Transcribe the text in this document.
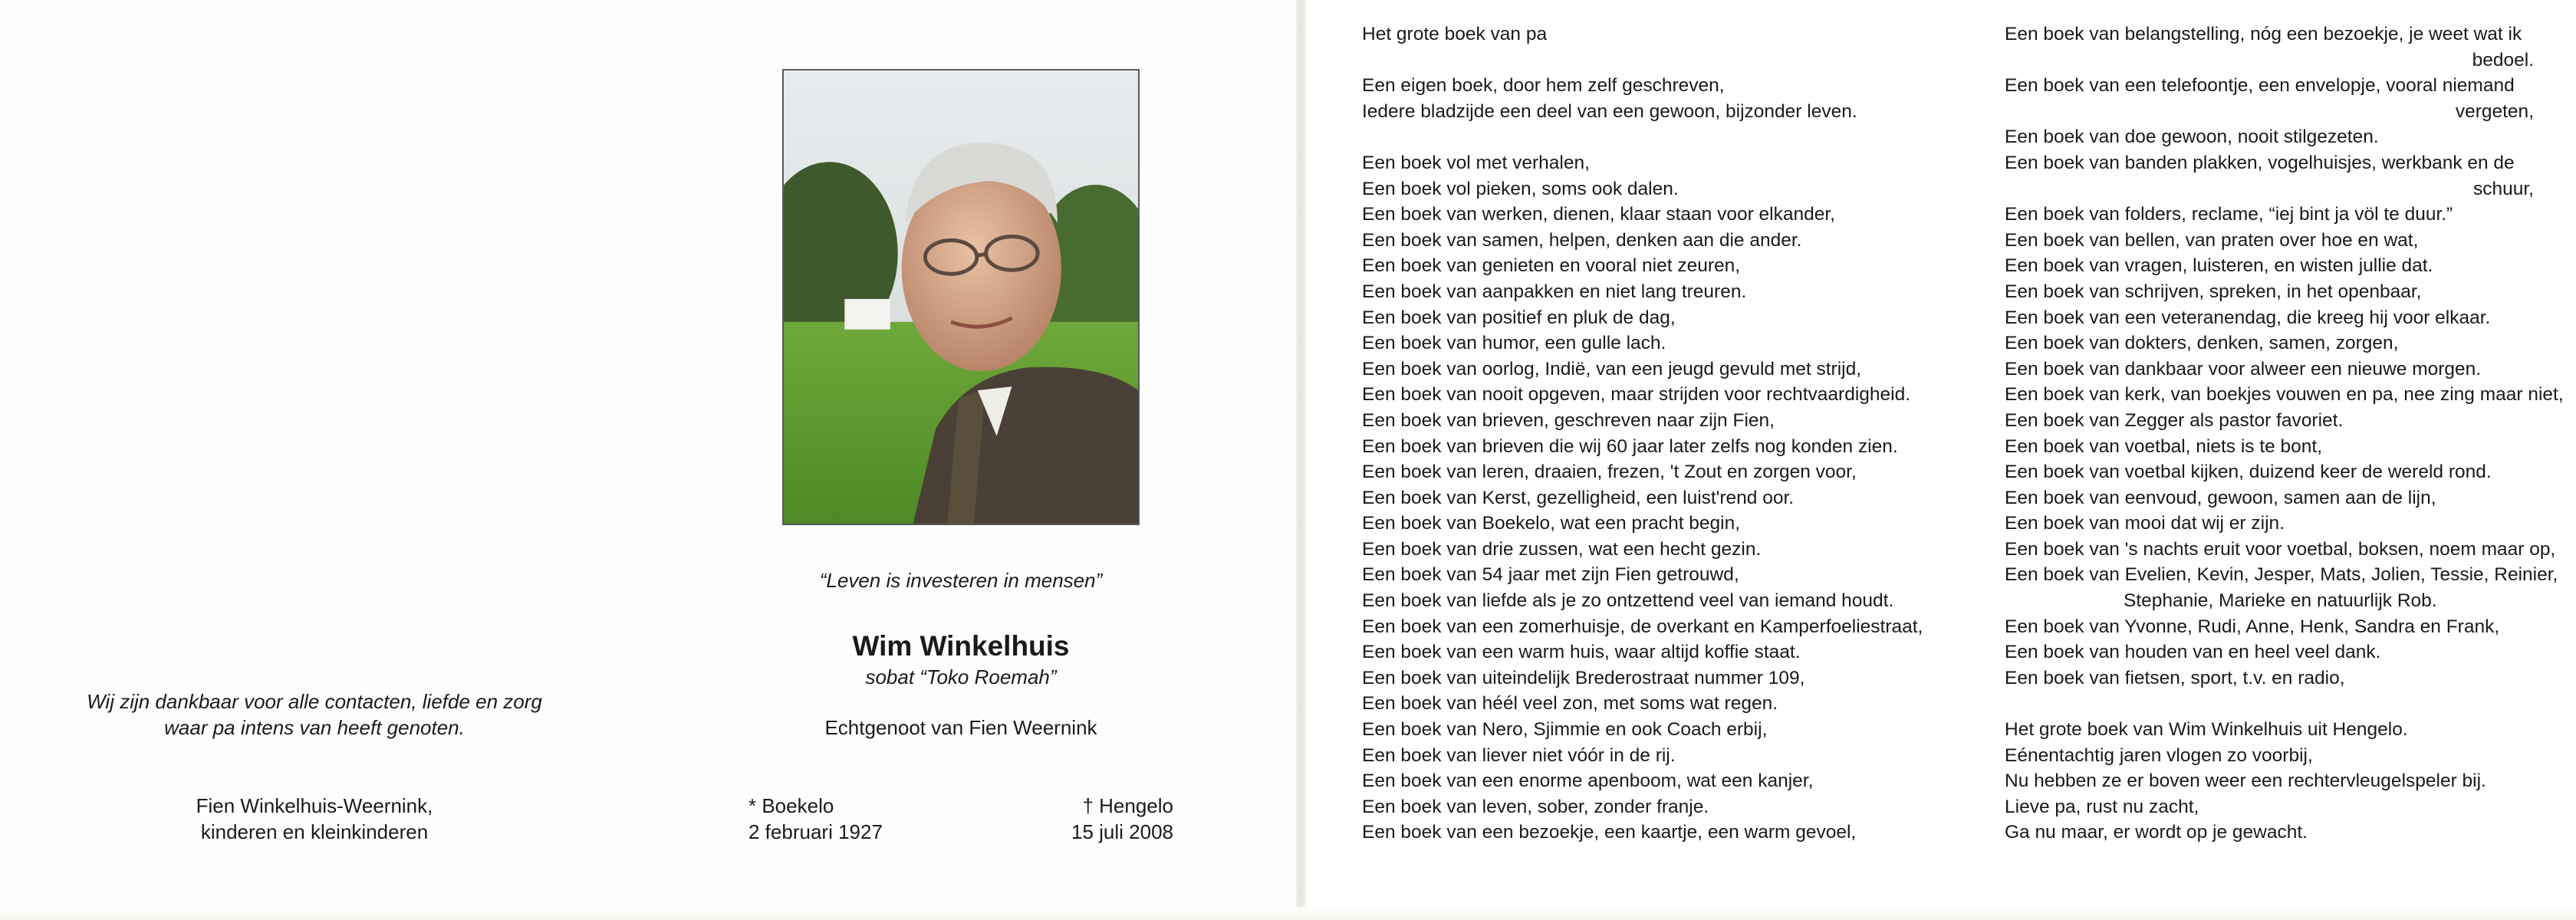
“Leven is investeren in mensen”
Wim Winkelhuis
sobat “Toko Roemah”
Echtgenoot van Fien Weernink
Wij zijn dankbaar voor alle contacten, liefde en zorg waar pa intens van heeft genoten.
Fien Winkelhuis-Weernink,
kinderen en kleinkinderen
* Boekelo
2 februari 1927
† Hengelo
15 juli 2008
Het grote boek van pa
Een eigen boek, door hem zelf geschreven,
Iedere bladzijde een deel van een gewoon, bijzonder leven.
Een boek vol met verhalen,
Een boek vol pieken, soms ook dalen.
Een boek van werken, dienen, klaar staan voor elkander,
Een boek van samen, helpen, denken aan die ander.
Een boek van genieten en vooral niet zeuren,
Een boek van aanpakken en niet lang treuren.
Een boek van positief en pluk de dag,
Een boek van humor, een gulle lach.
Een boek van oorlog, Indië, van een jeugd gevuld met strijd,
Een boek van nooit opgeven, maar strijden voor rechtvaardigheid.
Een boek van brieven, geschreven naar zijn Fien,
Een boek van brieven die wij 60 jaar later zelfs nog konden zien.
Een boek van leren, draaien, frezen, 't Zout en zorgen voor,
Een boek van Kerst, gezelligheid, een luist'rend oor.
Een boek van Boekelo, wat een pracht begin,
Een boek van drie zussen, wat een hecht gezin.
Een boek van 54 jaar met zijn Fien getrouwd,
Een boek van liefde als je zo ontzettend veel van iemand houdt.
Een boek van een zomerhuisje, de overkant en Kamperfoeliestraat,
Een boek van een warm huis, waar altijd koffie staat.
Een boek van uiteindelijk Brederostraat nummer 109,
Een boek van héél veel zon, met soms wat regen.
Een boek van Nero, Sjimmie en ook Coach erbij,
Een boek van liever niet vóór in de rij.
Een boek van een enorme apenboom, wat een kanjer,
Een boek van leven, sober, zonder franje.
Een boek van een bezoekje, een kaartje, een warm gevoel,
Een boek van belangstelling, nóg een bezoekje, je weet wat ik
bedoel.
Een boek van een telefoontje, een envelopje, vooral niemand
vergeten,
Een boek van doe gewoon, nooit stilgezeten.
Een boek van banden plakken, vogelhuisjes, werkbank en de
schuur,
Een boek van folders, reclame, “iej bint ja völ te duur.”
Een boek van bellen, van praten over hoe en wat,
Een boek van vragen, luisteren, en wisten jullie dat.
Een boek van schrijven, spreken, in het openbaar,
Een boek van een veteranendag, die kreeg hij voor elkaar.
Een boek van dokters, denken, samen, zorgen,
Een boek van dankbaar voor alweer een nieuwe morgen.
Een boek van kerk, van boekjes vouwen en pa, nee zing maar niet,
Een boek van Zegger als pastor favoriet.
Een boek van voetbal, niets is te bont,
Een boek van voetbal kijken, duizend keer de wereld rond.
Een boek van eenvoud, gewoon, samen aan de lijn,
Een boek van mooi dat wij er zijn.
Een boek van 's nachts eruit voor voetbal, boksen, noem maar op,
Een boek van Evelien, Kevin, Jesper, Mats, Jolien, Tessie, Reinier,
Stephanie, Marieke en natuurlijk Rob.
Een boek van Yvonne, Rudi, Anne, Henk, Sandra en Frank,
Een boek van houden van en heel veel dank.
Een boek van fietsen, sport, t.v. en radio,
Het grote boek van Wim Winkelhuis uit Hengelo.
Eénentachtig jaren vlogen zo voorbij,
Nu hebben ze er boven weer een rechtervleugelspeler bij.
Lieve pa, rust nu zacht,
Ga nu maar, er wordt op je gewacht.
